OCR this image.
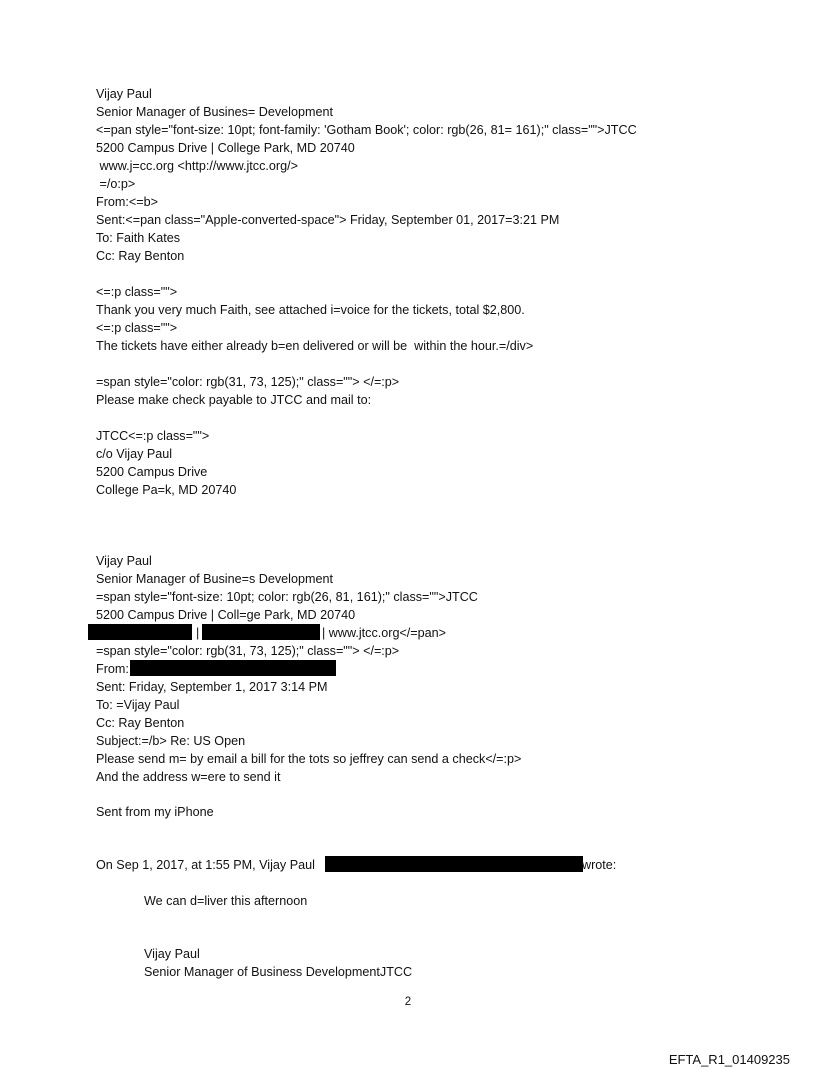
Vijay Paul
Senior Manager of Busines= Development
<=pan style="font-size: 10pt; font-family: 'Gotham Book'; color: rgb(26, 81= 161);" class="">JTCC
5200 Campus Drive | College Park, MD 20740
www.j=cc.org <http://www.jtcc.org/>
=/o:p>
From:<=b>
Sent:<=pan class="Apple-converted-space"> Friday, September 01, 2017=3:21 PM
To: Faith Kates
Cc: Ray Benton
<=:p class="">
Thank you very much Faith, see attached i=voice for the tickets, total $2,800.
<=:p class="">
The tickets have either already b=en delivered or will be  within the hour.=/div>
=span style="color: rgb(31, 73, 125);" class=""> </=:p>
Please make check payable to JTCC and mail to:
JTCC<=:p class="">
c/o Vijay Paul
5200 Campus Drive
College Pa=k, MD 20740
Vijay Paul
Senior Manager of Busine=s Development
=span style="font-size: 10pt; color: rgb(26, 81, 161);" class="">JTCC
5200 Campus Drive | Coll=ge Park, MD 20740
|	| www.jtcc.org</=pan>
=span style="color: rgb(31, 73, 125);" class=""> </=:p>
From:
Sent: Friday, September 1, 2017 3:14 PM
To: =Vijay Paul
Cc: Ray Benton
Subject:=/b> Re: US Open
Please send m= by email a bill for the tots so jeffrey can send a check</=:p>
And the address w=ere to send it
Sent from my iPhone
On Sep 1, 2017, at 1:55 PM, Vijay Paul	wrote:
We can d=liver this afternoon
Vijay Paul
Senior Manager of Business DevelopmentJTCC
2
EFTA_R1_01409235
